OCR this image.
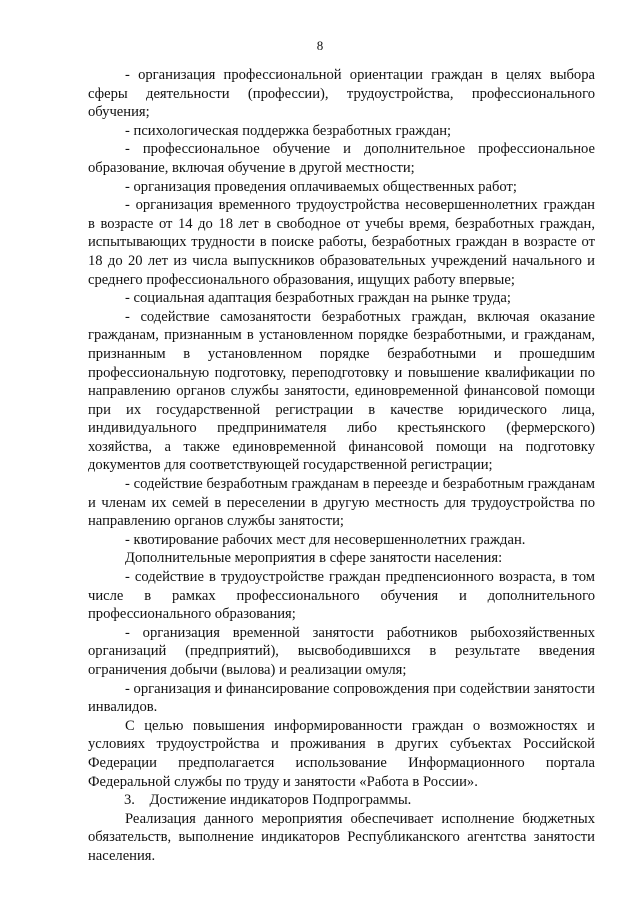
8

- организация профессиональной ориентации граждан в целях выбора сферы деятельности (профессии), трудоустройства, профессионального обучения;

- психологическая поддержка безработных граждан;

- профессиональное обучение и дополнительное профессиональное образование, включая обучение в другой местности;

- организация проведения оплачиваемых общественных работ;

- организация временного трудоустройства несовершеннолетних граждан в возрасте от 14 до 18 лет в свободное от учебы время, безработных граждан, испытывающих трудности в поиске работы, безработных граждан в возрасте от 18 до 20 лет из числа выпускников образовательных учреждений начального и среднего профессионального образования, ищущих работу впервые;

- социальная адаптация безработных граждан на рынке труда;

- содействие самозанятости безработных граждан, включая оказание гражданам, признанным в установленном порядке безработными, и гражданам, признанным в установленном порядке безработными и прошедшим профессиональную подготовку, переподготовку и повышение квалификации по направлению органов службы занятости, единовременной финансовой помощи при их государственной регистрации в качестве юридического лица, индивидуального предпринимателя либо крестьянского (фермерского) хозяйства, а также единовременной финансовой помощи на подготовку документов для соответствующей государственной регистрации;

- содействие безработным гражданам в переезде и безработным гражданам и членам их семей в переселении в другую местность для трудоустройства по направлению органов службы занятости;

- квотирование рабочих мест для несовершеннолетних граждан.

Дополнительные мероприятия в сфере занятости населения:

- содействие в трудоустройстве граждан предпенсионного возраста, в том числе в рамках профессионального обучения и дополнительного профессионального образования;

- организация временной занятости работников рыбохозяйственных организаций (предприятий), высвободившихся в результате введения ограничения добычи (вылова) и реализации омуля;

- организация и финансирование сопровождения при содействии занятости инвалидов.

С целью повышения информированности граждан о возможностях и условиях трудоустройства и проживания в других субъектах Российской Федерации предполагается использование Информационного портала Федеральной службы по труду и занятости «Работа в России».

3.    Достижение индикаторов Подпрограммы.

Реализация данного мероприятия обеспечивает исполнение бюджетных обязательств, выполнение индикаторов Республиканского агентства занятости населения.
